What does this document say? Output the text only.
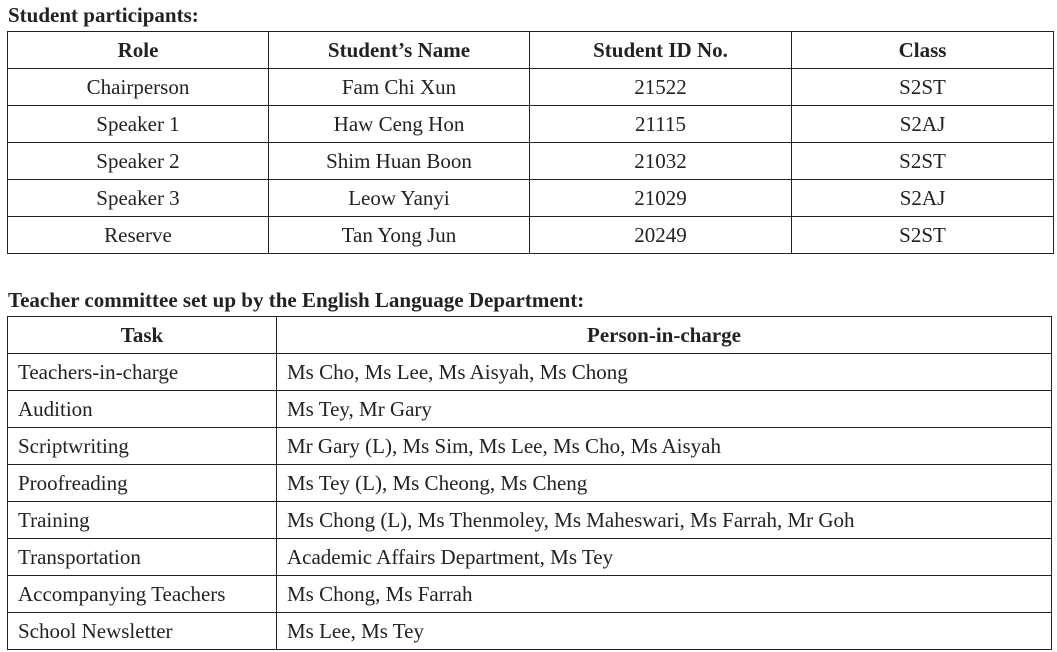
Student participants:
Role	Student’s Name	Student ID No.	Class
Chairperson	Fam Chi Xun	21522	S2ST
Speaker 1	Haw Ceng Hon	21115	S2AJ
Speaker 2	Shim Huan Boon	21032	S2ST
Speaker 3	Leow Yanyi	21029	S2AJ
Reserve	Tan Yong Jun	20249	S2ST
Teacher committee set up by the English Language Department:
Task	Person-in-charge
Teachers-in-charge	Ms Cho, Ms Lee, Ms Aisyah, Ms Chong
Audition	Ms Tey, Mr Gary
Scriptwriting	Mr Gary (L), Ms Sim, Ms Lee, Ms Cho, Ms Aisyah
Proofreading	Ms Tey (L), Ms Cheong, Ms Cheng
Training	Ms Chong (L), Ms Thenmoley, Ms Maheswari, Ms Farrah, Mr Goh
Transportation	Academic Affairs Department, Ms Tey
Accompanying Teachers	Ms Chong, Ms Farrah
School Newsletter	Ms Lee, Ms Tey
